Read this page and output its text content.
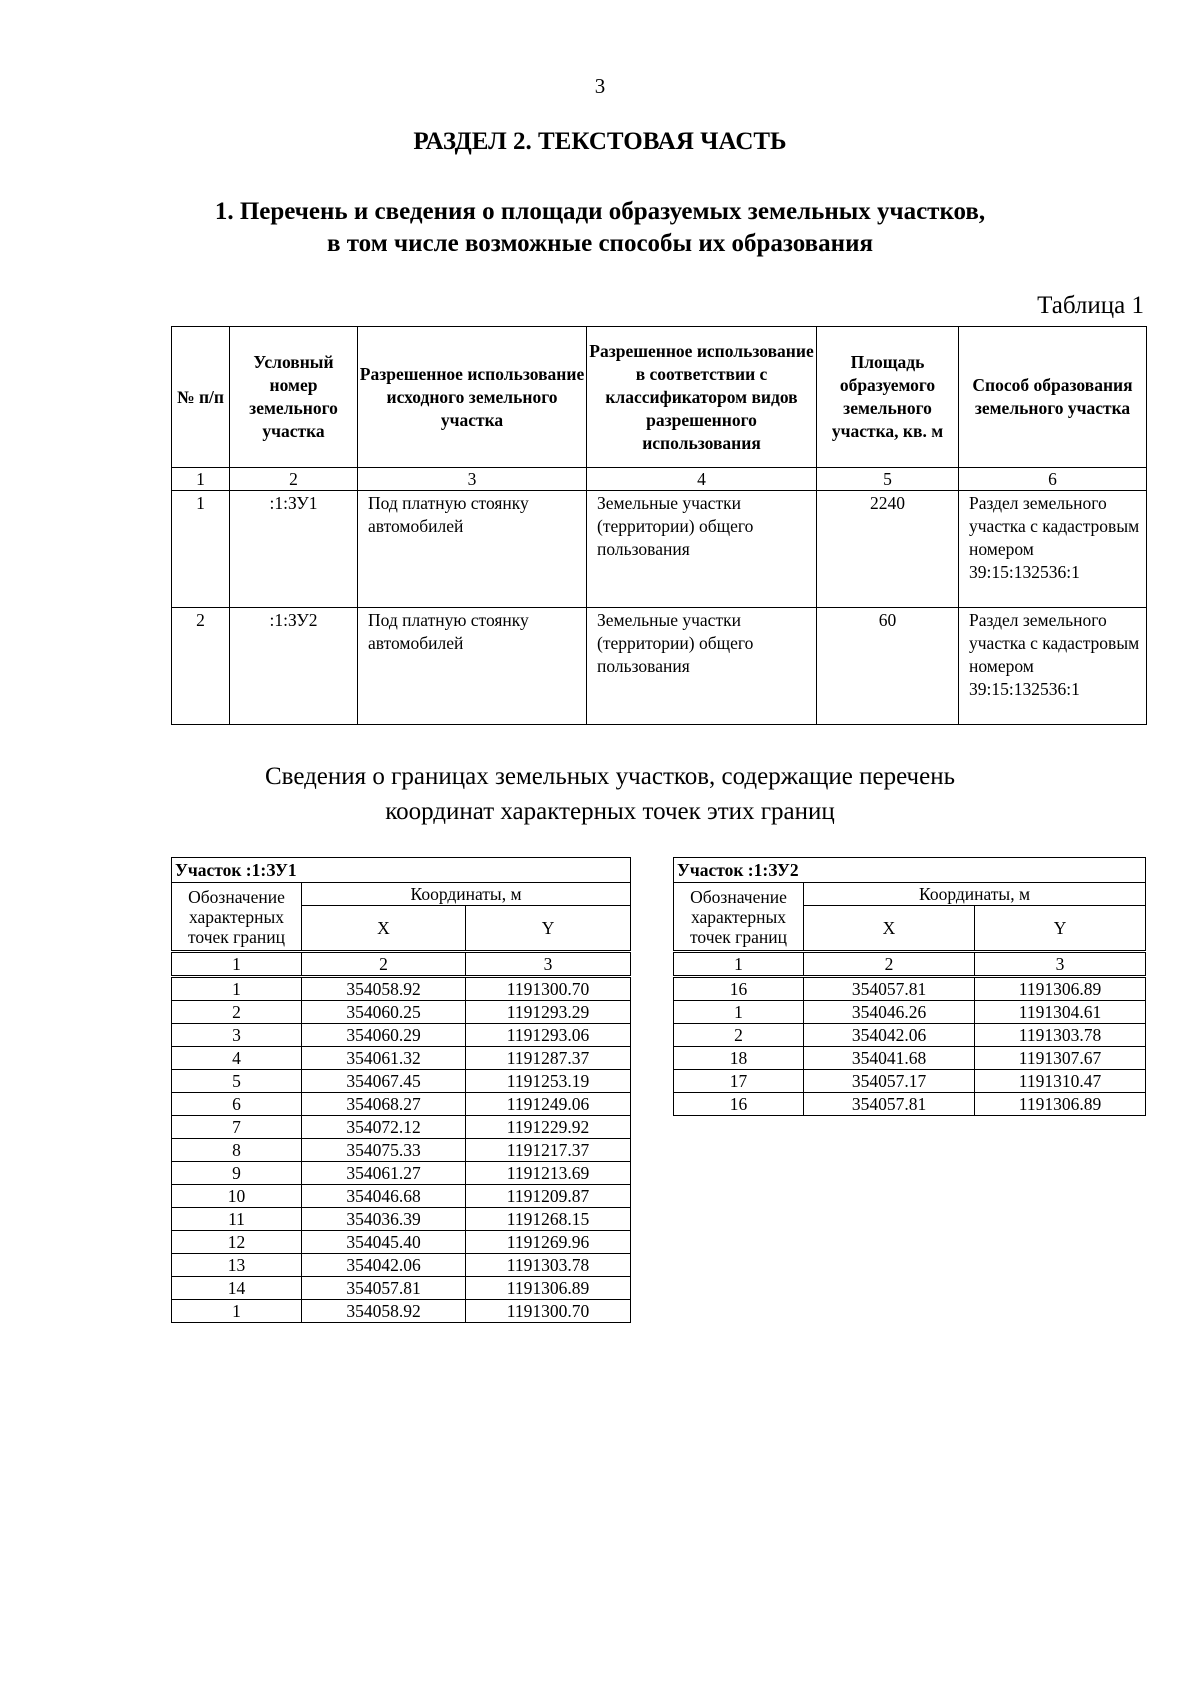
3
РАЗДЕЛ 2. ТЕКСТОВАЯ ЧАСТЬ
1. Перечень и сведения о площади образуемых земельных участков,
в том числе возможные способы их образования
Таблица 1
№ п/п	Условный номер земельного участка	Разрешенное использование исходного земельного участка	Разрешенное использование в соответствии с классификатором видов разрешенного использования	Площадь образуемого земельного участка, кв. м	Способ образования земельного участка
1	2	3	4	5	6
1	:1:ЗУ1	Под платную стоянку автомобилей	Земельные участки (территории) общего пользования	2240	Раздел земельного участка с кадастровым номером 39:15:132536:1
2	:1:ЗУ2	Под платную стоянку автомобилей	Земельные участки (территории) общего пользования	60	Раздел земельного участка с кадастровым номером 39:15:132536:1
Сведения о границах земельных участков, содержащие перечень
координат характерных точек этих границ
Участок :1:ЗУ1		
Обозначение характерных точек границ	Координаты, м	
	X	Y
1	2	3
1	354058.92	1191300.70
2	354060.25	1191293.29
3	354060.29	1191293.06
4	354061.32	1191287.37
5	354067.45	1191253.19
6	354068.27	1191249.06
7	354072.12	1191229.92
8	354075.33	1191217.37
9	354061.27	1191213.69
10	354046.68	1191209.87
11	354036.39	1191268.15
12	354045.40	1191269.96
13	354042.06	1191303.78
14	354057.81	1191306.89
1	354058.92	1191300.70
Участок :1:ЗУ2		
Обозначение характерных точек границ	Координаты, м	
	X	Y
1	2	3
16	354057.81	1191306.89
1	354046.26	1191304.61
2	354042.06	1191303.78
18	354041.68	1191307.67
17	354057.17	1191310.47
16	354057.81	1191306.89
